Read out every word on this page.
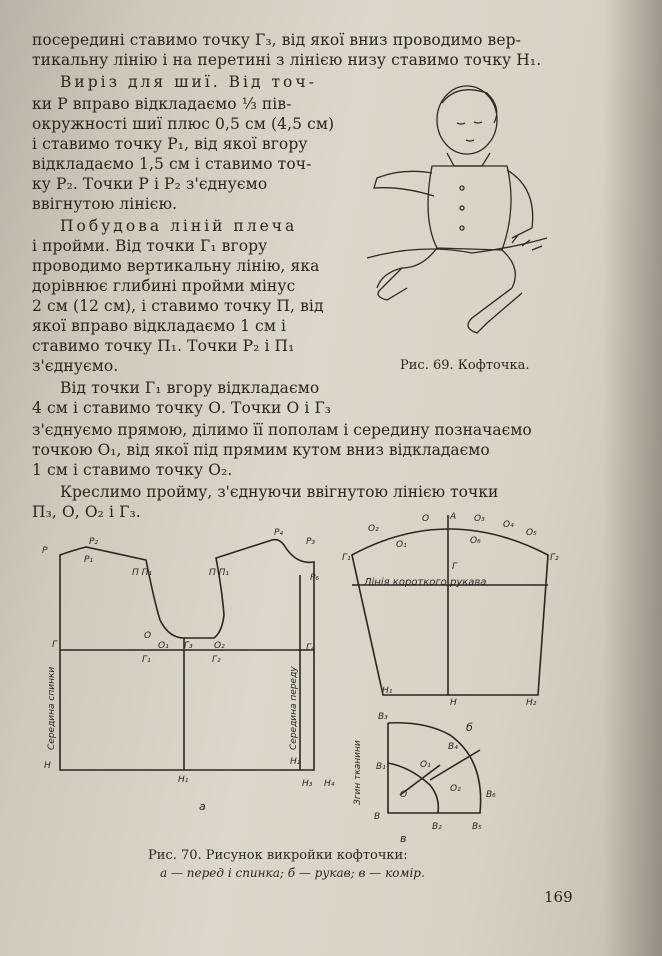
посередині ставимо точку Г₃, від якої вниз проводимо вер-
тикальну лінію і на перетині з лінією низу ставимо точку Н₁.
Виріз для шиї. Від точ-
ки Р вправо відкладаємо ⅓ пів-
окружності шиї плюс 0,5 см (4,5 см)
і ставимо точку Р₁, від якої вгору
відкладаємо 1,5 см і ставимо точ-
ку Р₂. Точки Р і Р₂ з'єднуємо
ввігнутою лінією.
Побудова ліній плеча
і пройми. Від точки Г₁ вгору
проводимо вертикальну лінію, яка
дорівнює глибині пройми мінус
2 см (12 см), і ставимо точку П, від
якої вправо відкладаємо 1 см і
ставимо точку П₁. Точки Р₂ і П₁
з'єднуємо.
Від точки Г₁ вгору відкладаємо
4 см і ставимо точку О. Точки О і Г₃
з'єднуємо прямою, ділимо її пополам і середину позначаємо
точкою О₁, від якої під прямим кутом вниз відкладаємо
1 см і ставимо точку О₂.
Креслимо пройму, з'єднуючи ввігнутою лінією точки
П₃, О, О₂ і Г₃.
Рис. 69. Кофточка.
Р
Р₁
Р₂
П П₁	П П₁
Р₄
Р₃
Р₆
О
О₁ Г₃ О₂
Г
Г₁	Г₂
Г₄
Н
Н₁
Н₂
Н₃ Н₄
а
Середина спинки	Середина переду
Г₁	Г₂
О₂
О₁
О А О₃
О₄
О₅
О₆
Г
Н₁
Н	Н₂
Лінія короткого рукава
В₃
В₄
В₁	О₁
О
О₂
В₆
В
В₂	В₅
в
б
Згин тканини
Рис. 70. Рисунок викройки кофточки:
а — перед і спинка; б — рукав; в — комір.
169
